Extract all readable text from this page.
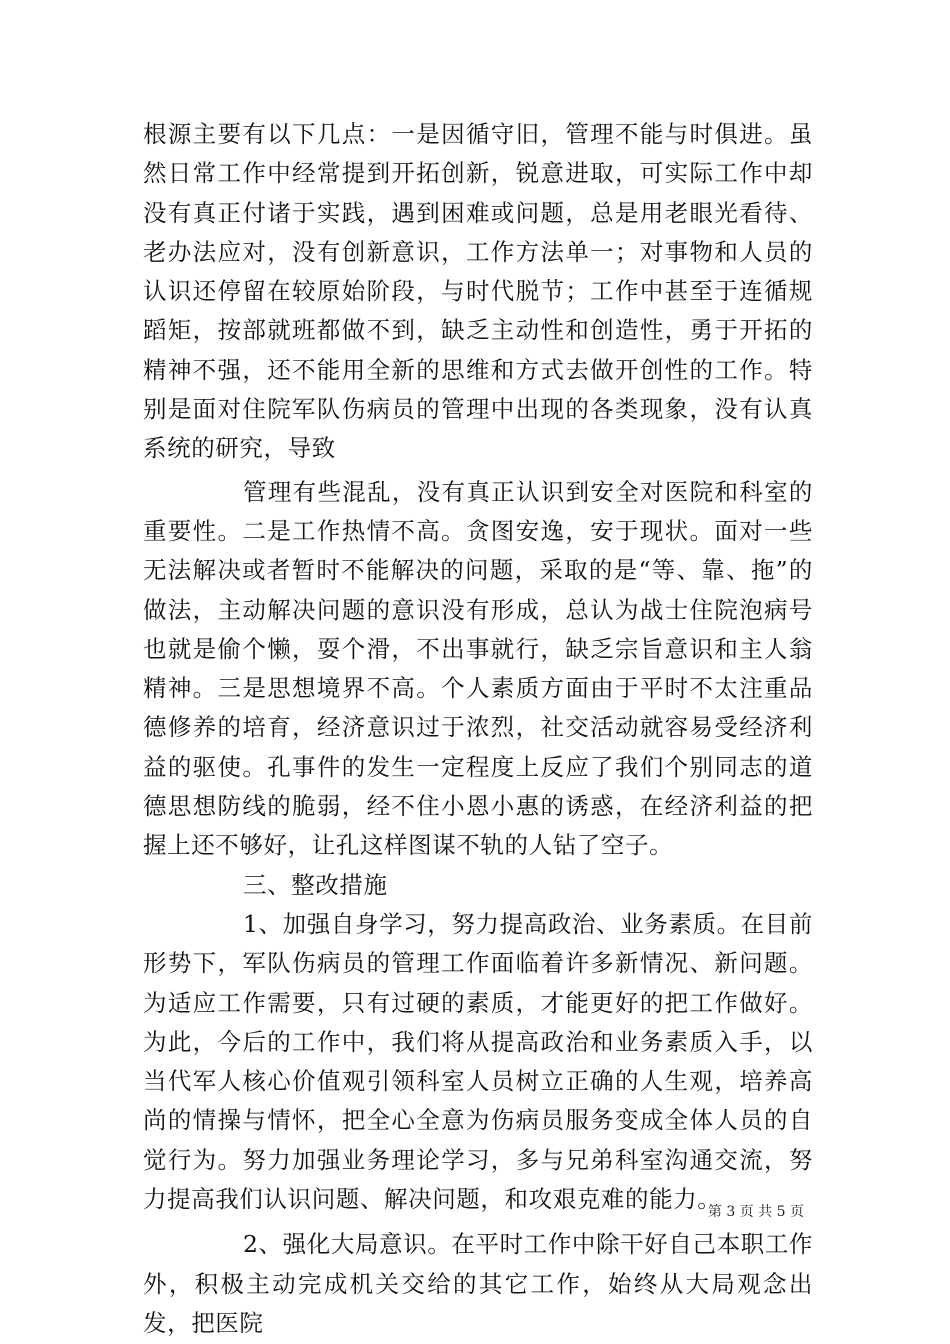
根源主要有以下几点：一是因循守旧，管理不能与时俱进。虽然日常工作中经常提到开拓创新，锐意进取，可实际工作中却没有真正付诸于实践，遇到困难或问题，总是用老眼光看待、老办法应对，没有创新意识，工作方法单一；对事物和人员的认识还停留在较原始阶段，与时代脱节；工作中甚至于连循规蹈矩，按部就班都做不到，缺乏主动性和创造性，勇于开拓的精神不强，还不能用全新的思维和方式去做开创性的工作。特别是面对住院军队伤病员的管理中出现的各类现象，没有认真系统的研究，导致

管理有些混乱，没有真正认识到安全对医院和科室的重要性。二是工作热情不高。贪图安逸，安于现状。面对一些无法解决或者暂时不能解决的问题，采取的是“等、靠、拖”的做法，主动解决问题的意识没有形成，总认为战士住院泡病号也就是偷个懒，耍个滑，不出事就行，缺乏宗旨意识和主人翁精神。三是思想境界不高。个人素质方面由于平时不太注重品德修养的培育，经济意识过于浓烈，社交活动就容易受经济利益的驱使。孔事件的发生一定程度上反应了我们个别同志的道德思想防线的脆弱，经不住小恩小惠的诱惑，在经济利益的把握上还不够好，让孔这样图谋不轨的人钻了空子。

三、整改措施

1、加强自身学习，努力提高政治、业务素质。在目前形势下，军队伤病员的管理工作面临着许多新情况、新问题。为适应工作需要，只有过硬的素质，才能更好的把工作做好。为此，今后的工作中，我们将从提高政治和业务素质入手，以当代军人核心价值观引领科室人员树立正确的人生观，培养高尚的情操与情怀，把全心全意为伤病员服务变成全体人员的自觉行为。努力加强业务理论学习，多与兄弟科室沟通交流，努力提高我们认识问题、解决问题，和攻艰克难的能力。

2、强化大局意识。在平时工作中除干好自己本职工作外，积极主动完成机关交给的其它工作，始终从大局观念出发，把医院

第 3 页 共 5 页
